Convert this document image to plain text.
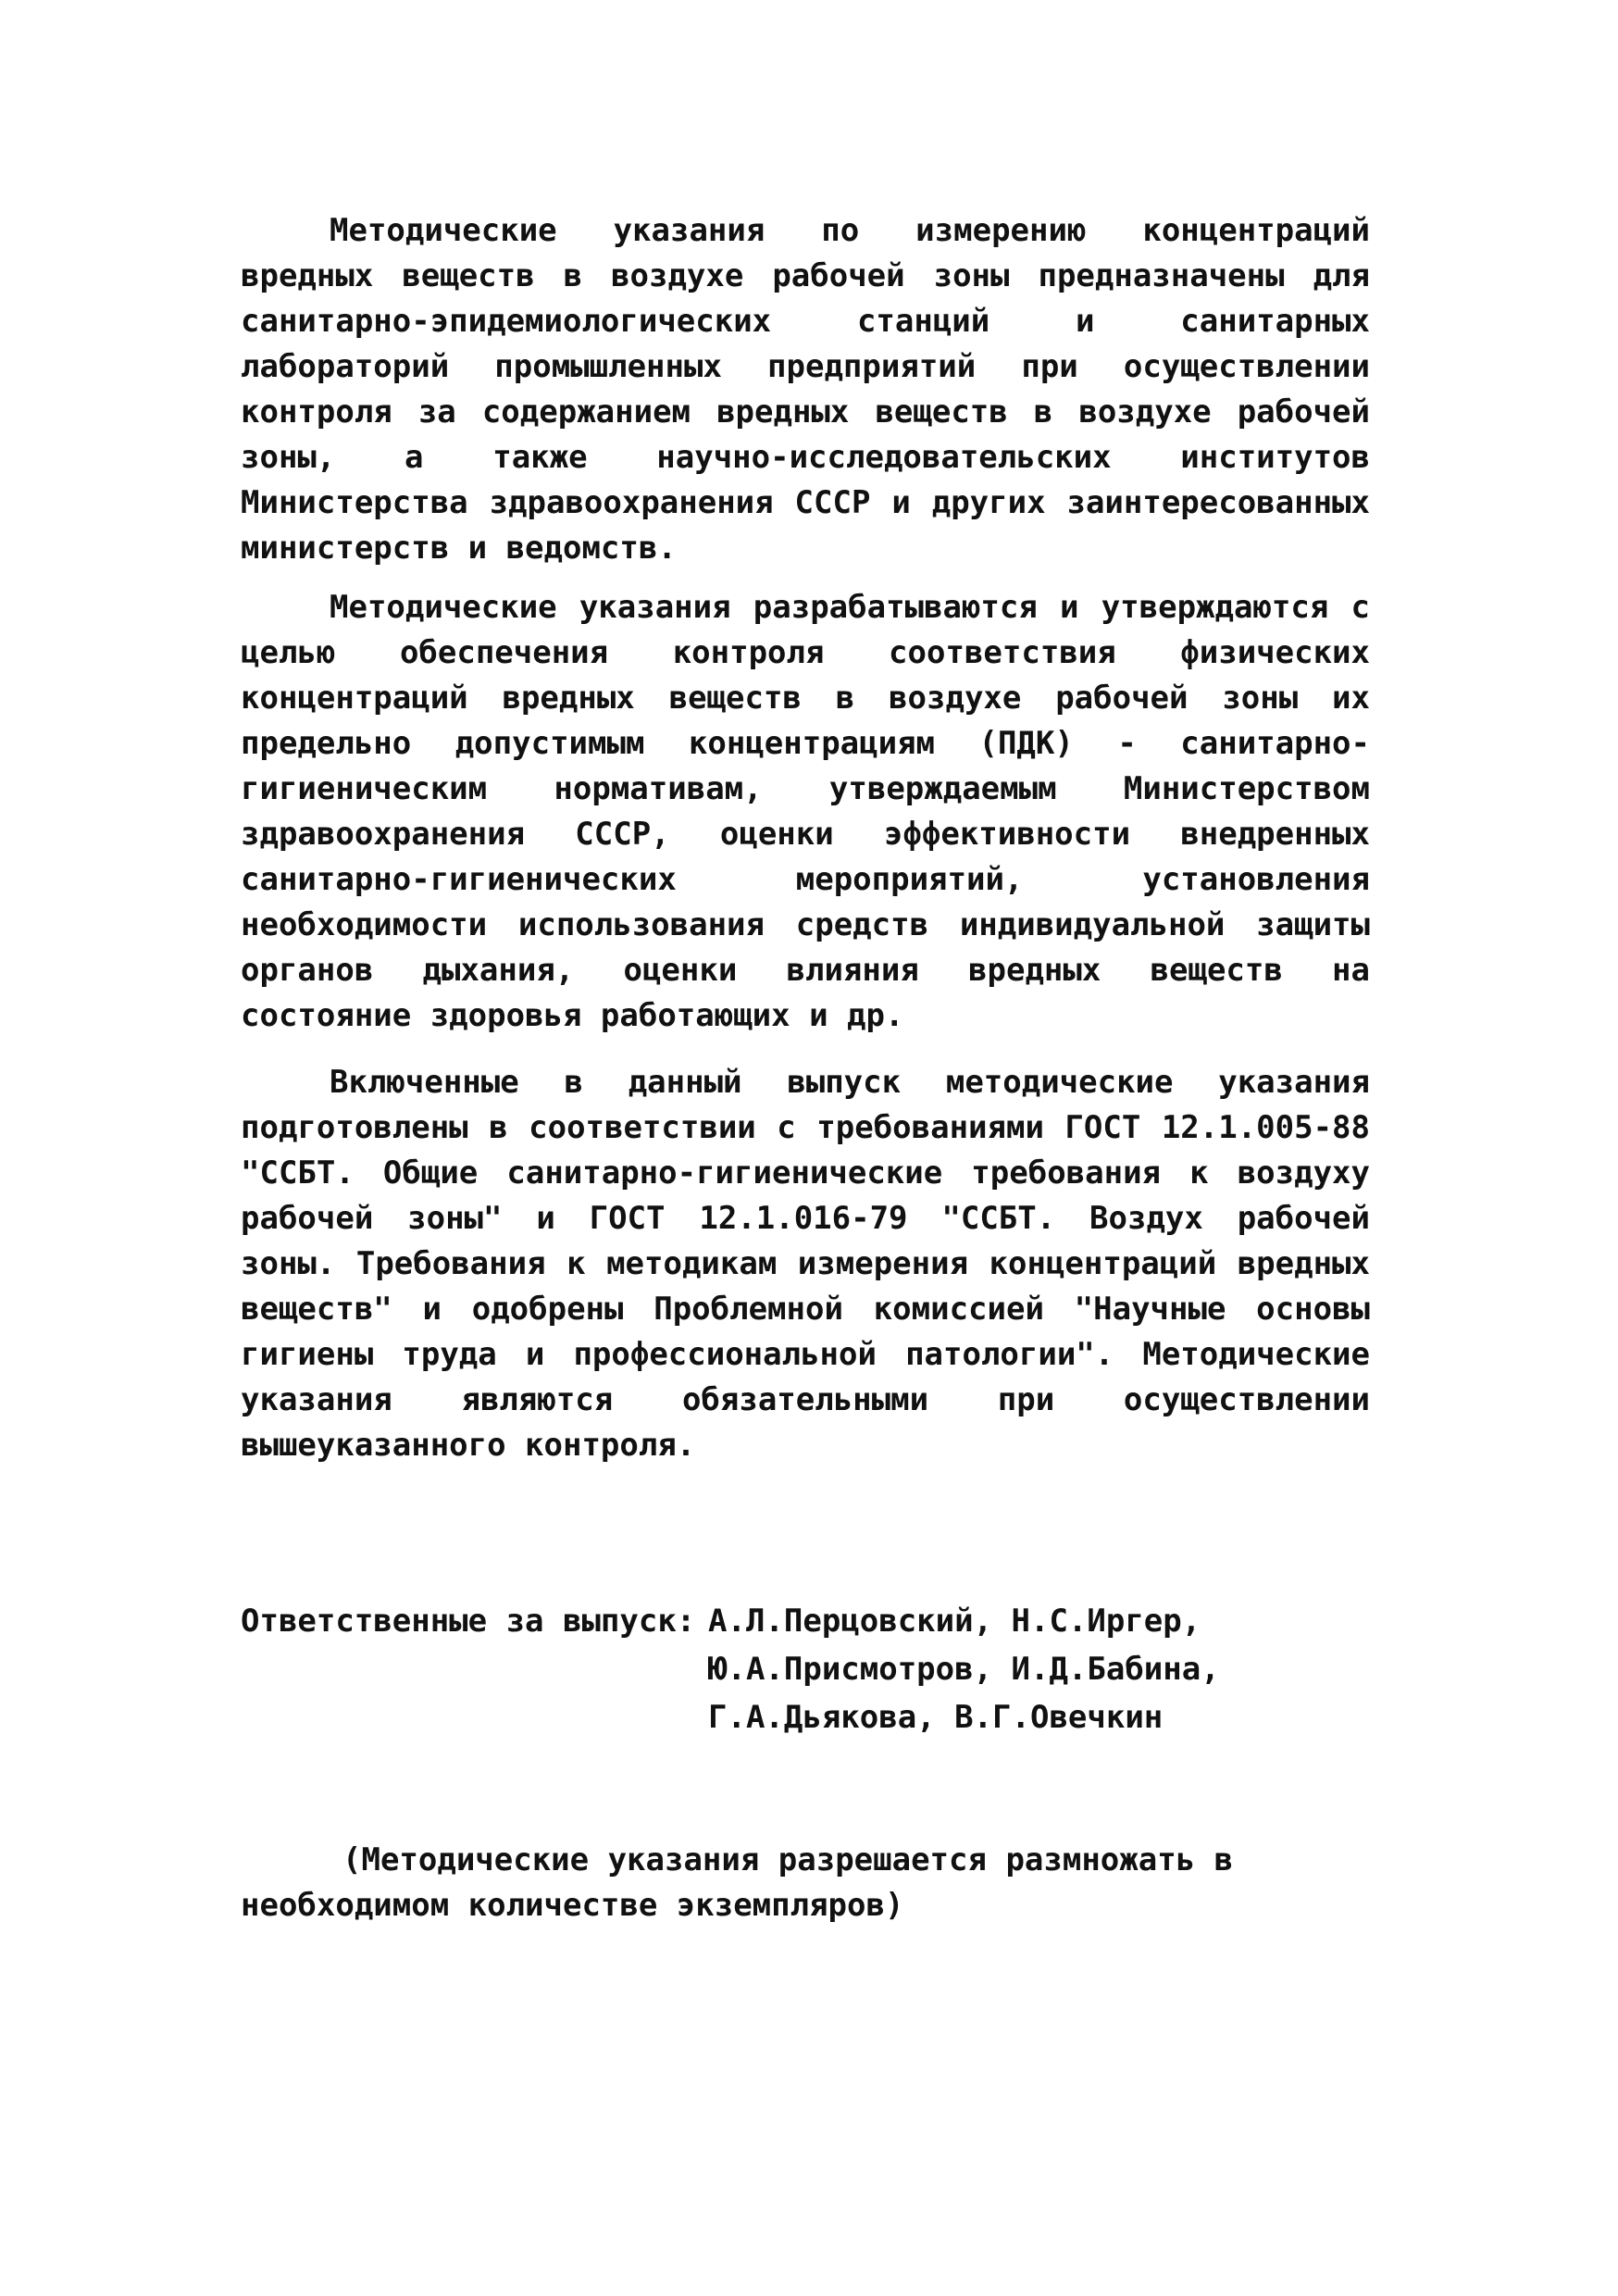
Методические указания по измерению концентраций вредных веществ в воздухе рабочей зоны предназначены для санитарно-эпидемиологических станций и санитарных лабораторий промышленных предприятий при осуществлении контроля за содержанием вредных веществ в воздухе рабочей зоны, а также научно-исследовательских институтов Министерства здравоохранения СССР и других заинтересованных министерств и ведомств.

Методические указания разрабатываются и утверждаются с целью обеспечения контроля соответствия физических концентраций вредных веществ в воздухе рабочей зоны их предельно допустимым концентрациям (ПДК) - санитарно-гигиеническим нормативам, утверждаемым Министерством здравоохранения СССР, оценки эффективности внедренных санитарно-гигиенических мероприятий, установления необходимости использования средств индивидуальной защиты органов дыхания, оценки влияния вредных веществ на состояние здоровья работающих и др.

Включенные в данный выпуск методические указания подготовлены в соответствии с требованиями ГОСТ 12.1.005-88 "ССБТ. Общие санитарно-гигиенические требования к воздуху рабочей зоны" и ГОСТ 12.1.016-79 "ССБТ. Воздух рабочей зоны. Требования к методикам измерения концентраций вредных веществ" и одобрены Проблемной комиссией "Научные основы гигиены труда и профессиональной патологии". Методические указания являются обязательными при осуществлении вышеуказанного контроля.

Ответственные за выпуск: А.Л.Перцовский, Н.С.Иргер,
Ю.А.Присмотров, И.Д.Бабина,
Г.А.Дьякова, В.Г.Овечкин

(Методические указания разрешается размножать в необходимом количестве экземпляров)
